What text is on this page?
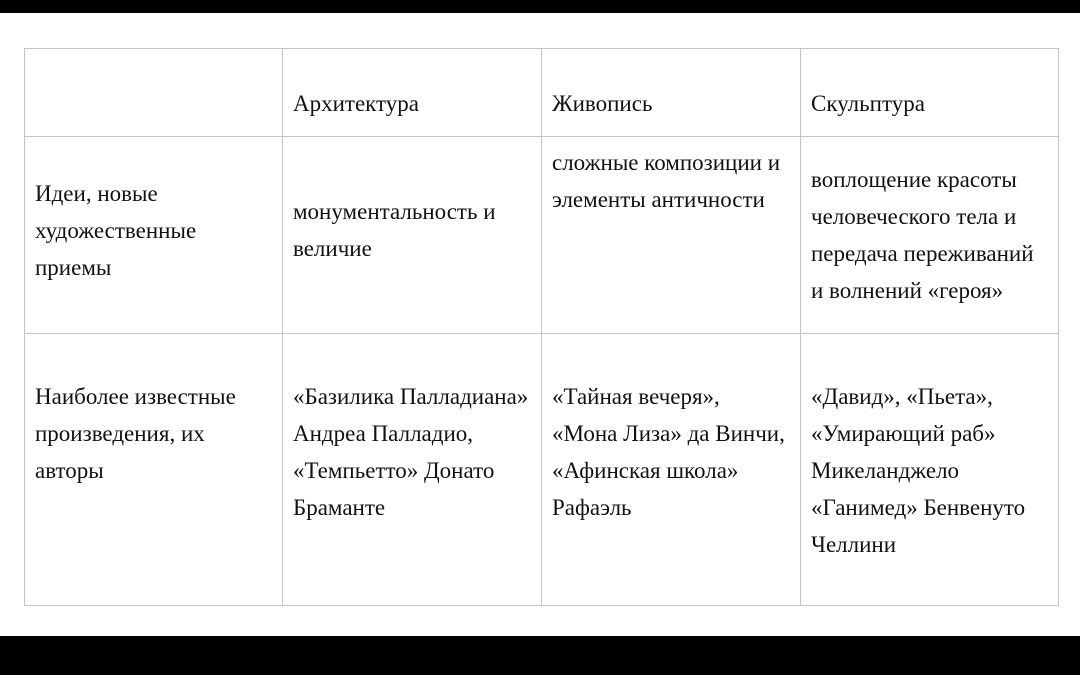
	Архитектура	Живопись	Скульптура

Идеи, новые художественные приемы	монументальность и величие	сложные композиции и элементы античности	воплощение красоты человеческого тела и передача переживаний и волнений «героя»

Наиболее известные произведения, их авторы	«Базилика Палладиана» Андреа Палладио, «Темпьетто» Донато Браманте	«Тайная вечеря», «Мона Лиза» да Винчи, «Афинская школа» Рафаэль	«Давид», «Пьета», «Умирающий раб» Микеланджело «Ганимед» Бенвенуто Челлини
